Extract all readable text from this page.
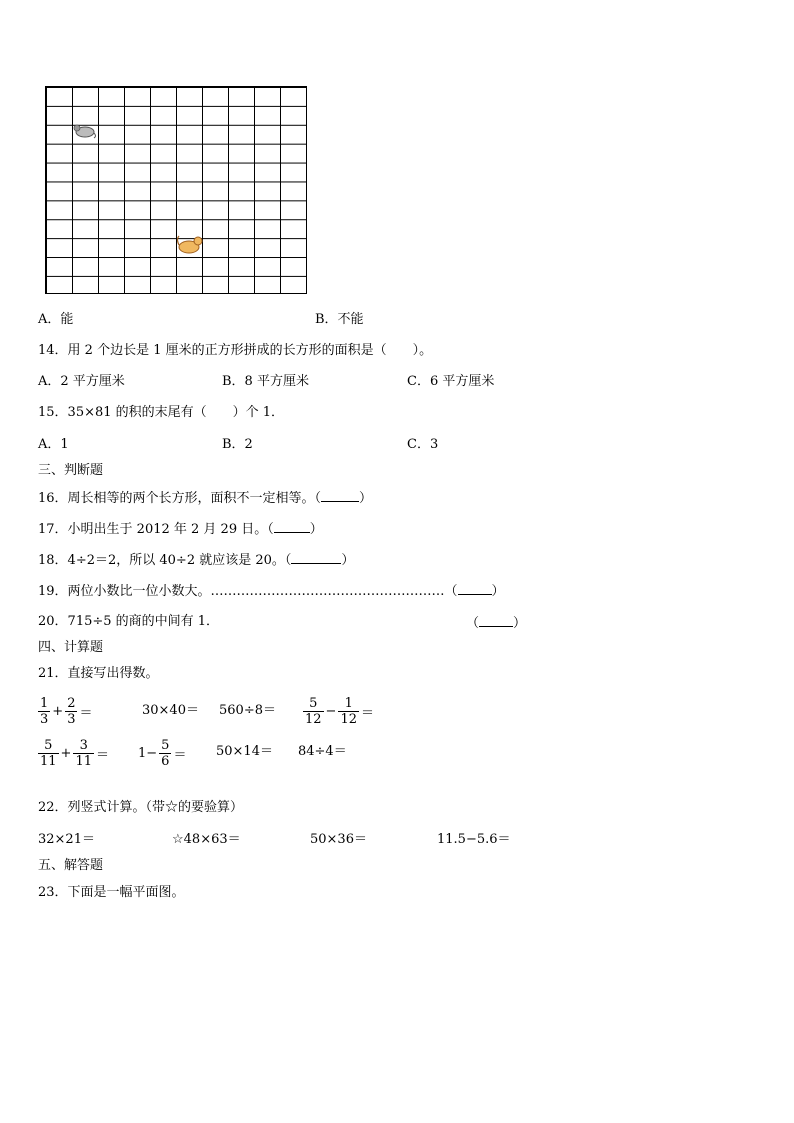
A．能	B．不能
14．用 2 个边长是 1 厘米的正方形拼成的长方形的面积是（　　）。
A．2 平方厘米	B．8 平方厘米	C．6 平方厘米
15．35×81 的积的末尾有（　　）个 1．
A．1	B．2	C．3
三、判断题
16．周长相等的两个长方形，面积不一定相等。（	）
17．小明出生于 2012 年 2 月 29 日。（	）
18．4÷2＝2，所以 40÷2 就应该是 20。（	）
19．两位小数比一位小数大。………………………………………………（	）
20．715÷5 的商的中间有 1．	（	）
四、计算题
21．直接写出得数。
$\frac{1}{3} + \frac{2}{3}$ ＝	$30\times 40= 560\div 8= \frac{5}{12} - \frac{1}{12}$ ＝
$\frac{5}{11} + \frac{3}{11} = 1- \frac{5}{6} = 50\times 14= 84\div 4=$
22．列竖式计算。（带☆的要验算）
32×21＝	☆48×63＝	50×36＝	11.5−5.6＝
五、解答题
23．下面是一幅平面图。
